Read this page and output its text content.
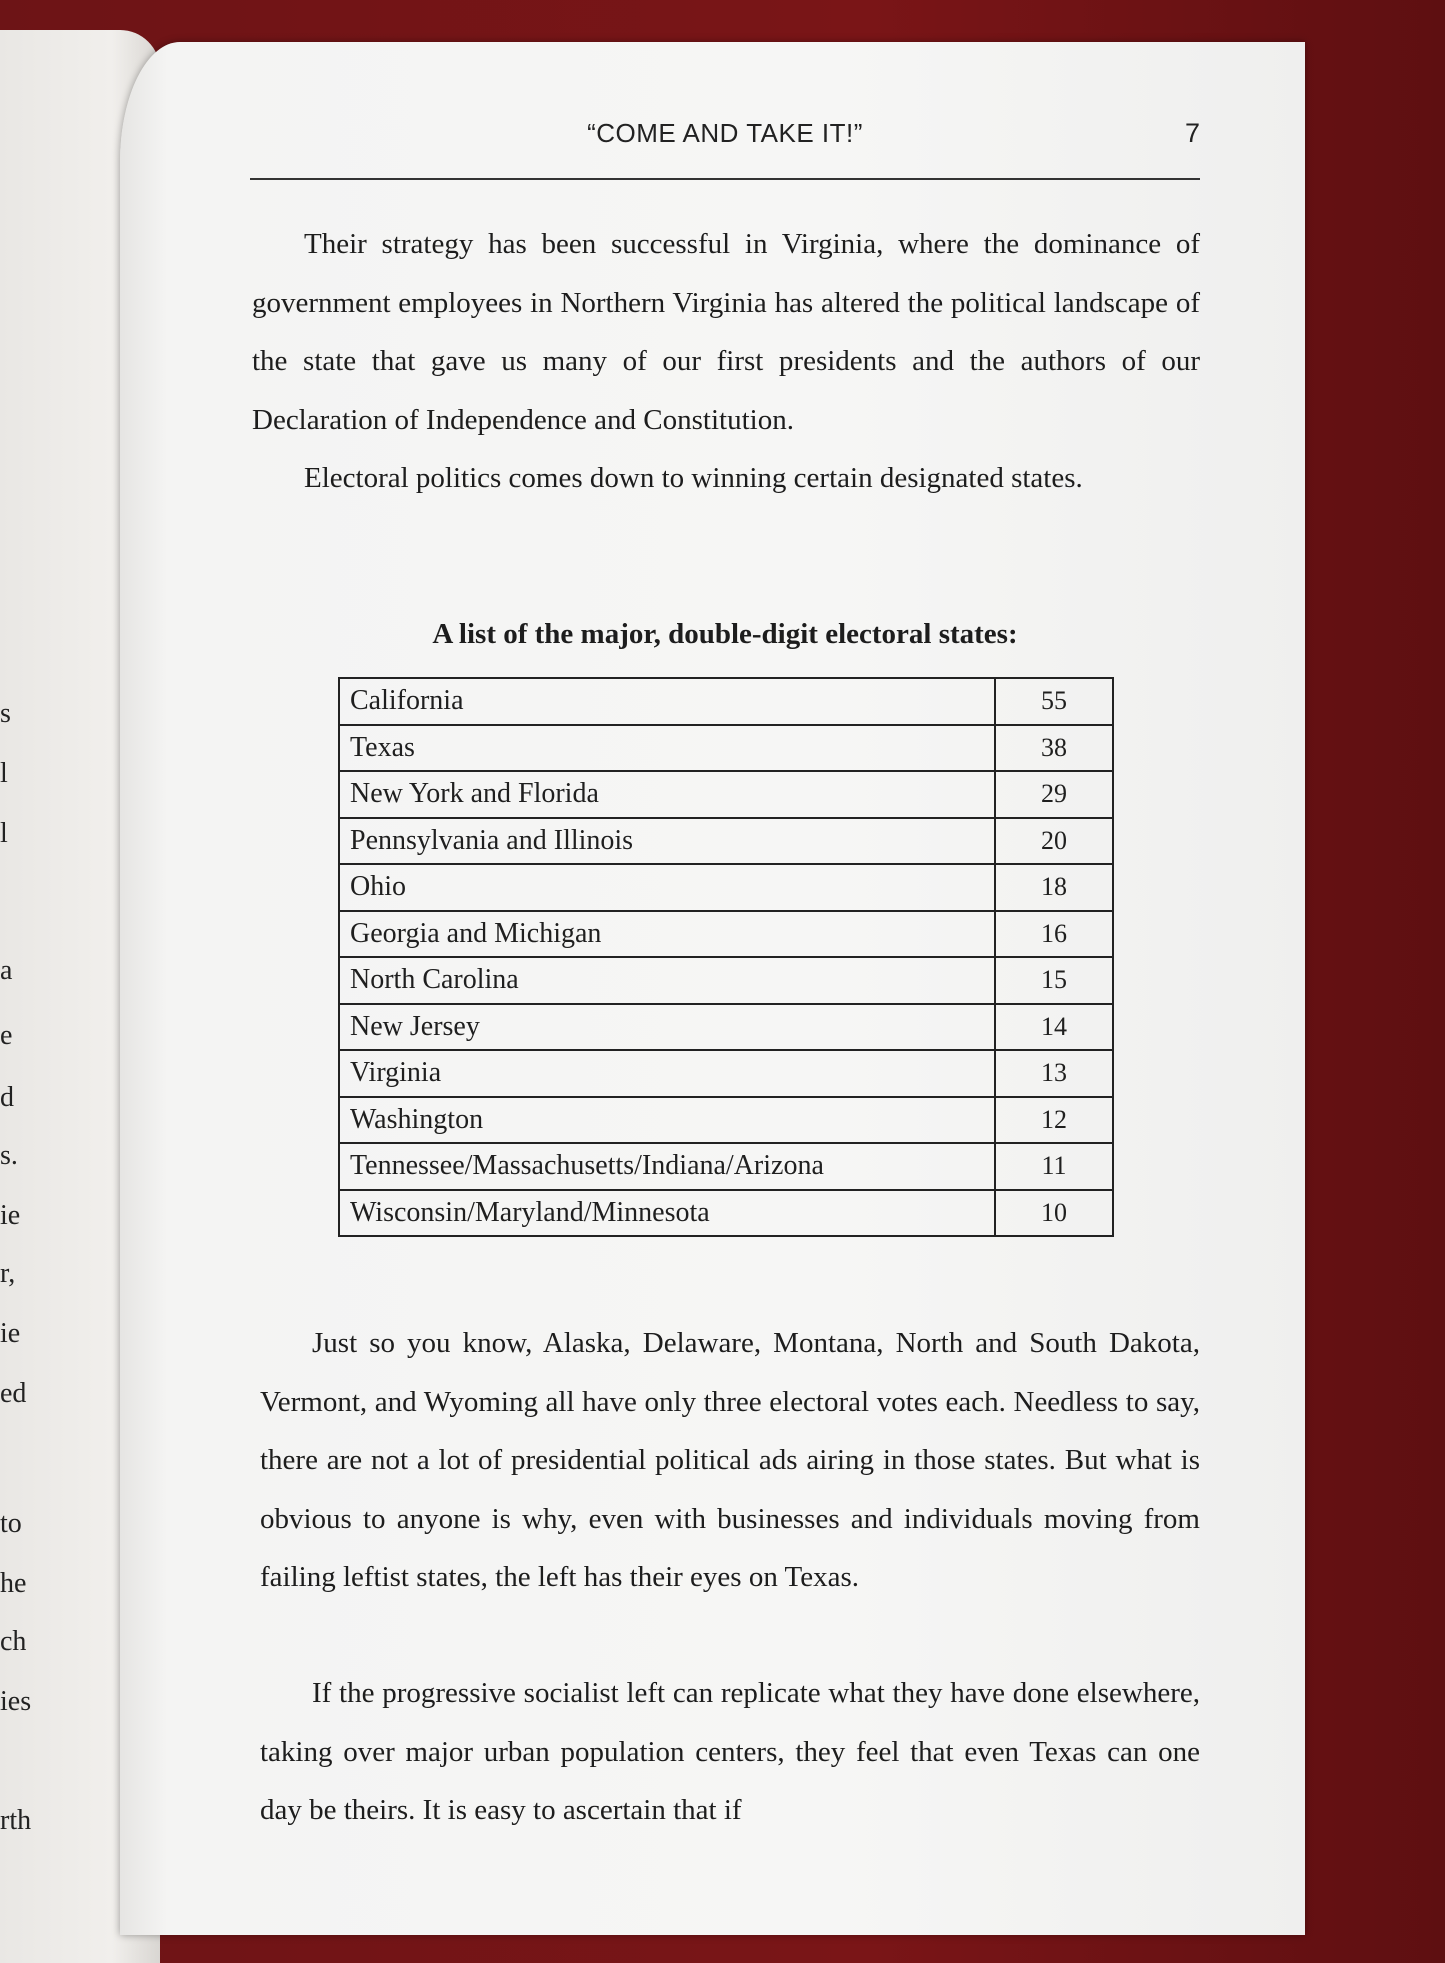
s
l
l
a
e
d
s.
ie
r,
ie
ed
to
he
ch
ies
rth
“COME AND TAKE IT!”	7

Their strategy has been successful in Virginia, where the dominance of government employees in Northern Virginia has altered the political landscape of the state that gave us many of our first presidents and the authors of our Declaration of Independence and Constitution.

Electoral politics comes down to winning certain designated states.

A list of the major, double-digit electoral states:
California	55
Texas	38
New York and Florida	29
Pennsylvania and Illinois	20
Ohio	18
Georgia and Michigan	16
North Carolina	15
New Jersey	14
Virginia	13
Washington	12
Tennessee/Massachusetts/Indiana/Arizona	11
Wisconsin/Maryland/Minnesota	10

Just so you know, Alaska, Delaware, Montana, North and South Dakota, Vermont, and Wyoming all have only three electoral votes each. Needless to say, there are not a lot of presidential political ads airing in those states. But what is obvious to anyone is why, even with businesses and individuals moving from failing leftist states, the left has their eyes on Texas.

If the progressive socialist left can replicate what they have done elsewhere, taking over major urban population centers, they feel that even Texas can one day be theirs. It is easy to ascertain that if
